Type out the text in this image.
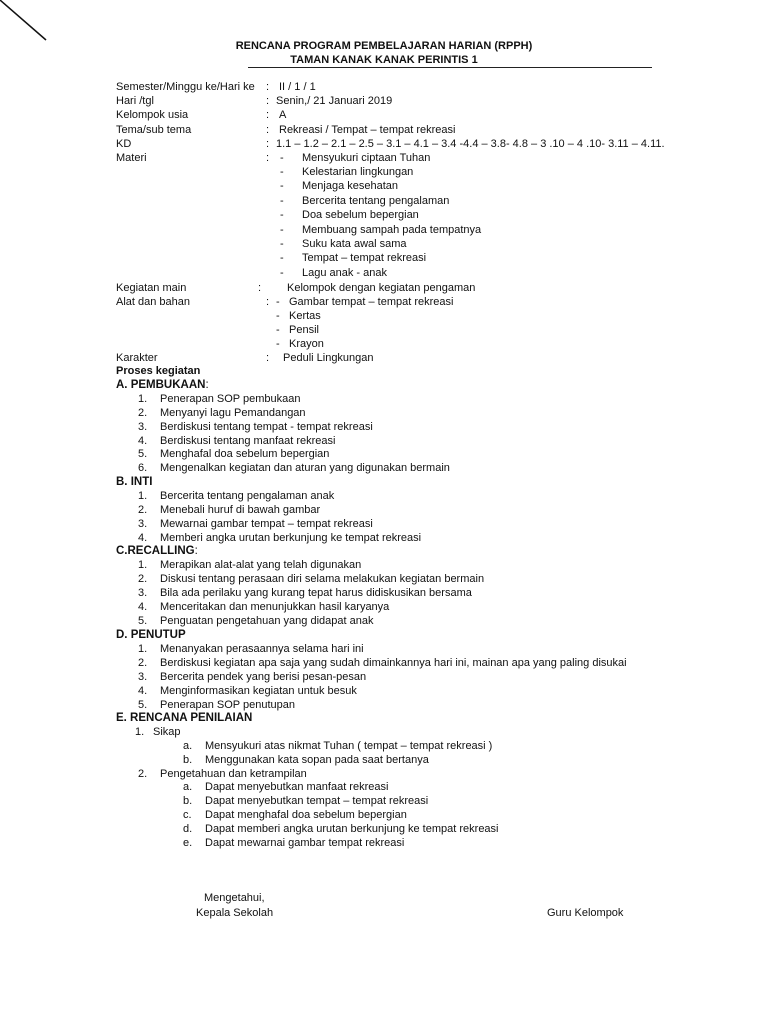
RENCANA PROGRAM PEMBELAJARAN HARIAN (RPPH)
TAMAN KANAK KANAK PERINTIS 1
Semester/Minggu ke/Hari ke : II / 1 / 1
Hari /tgl	: Senin,/ 21 Januari 2019
Kelompok usia	: A
Tema/sub tema	: Rekreasi / Tempat – tempat rekreasi
KD	: 1.1 – 1.2 – 2.1 – 2.5 – 3.1 – 4.1 – 3.4 -4.4 – 3.8- 4.8 – 3 .10 – 4 .10- 3.11 – 4.11.
Materi	: - Mensyukuri ciptaan Tuhan
- Kelestarian lingkungan
- Menjaga kesehatan
- Bercerita tentang pengalaman
- Doa sebelum bepergian
- Membuang sampah pada tempatnya
- Suku kata awal sama
- Tempat – tempat rekreasi
- Lagu anak - anak
Kegiatan main	: Kelompok dengan kegiatan pengaman
Alat dan bahan	: - Gambar tempat – tempat rekreasi
- Kertas
- Pensil
- Krayon
Karakter	: Peduli Lingkungan
Proses kegiatan
A. PEMBUKAAN:
1. Penerapan SOP pembukaan
2. Menyanyi lagu Pemandangan
3. Berdiskusi tentang tempat - tempat rekreasi
4. Berdiskusi tentang manfaat rekreasi
5. Menghafal doa sebelum bepergian
6. Mengenalkan kegiatan dan aturan yang digunakan bermain
B. INTI
1. Bercerita tentang pengalaman anak
2. Menebali huruf di bawah gambar
3. Mewarnai gambar tempat – tempat rekreasi
4. Memberi angka urutan berkunjung ke tempat rekreasi
C.RECALLING:
1. Merapikan alat-alat yang telah digunakan
2. Diskusi tentang perasaan diri selama melakukan kegiatan bermain
3. Bila ada perilaku yang kurang tepat harus didiskusikan bersama
4. Menceritakan dan menunjukkan hasil karyanya
5. Penguatan pengetahuan yang didapat anak
D. PENUTUP
1. Menanyakan perasaannya selama hari ini
2. Berdiskusi kegiatan apa saja yang sudah dimainkannya hari ini, mainan apa yang paling disukai
3. Bercerita pendek yang berisi pesan-pesan
4. Menginformasikan kegiatan untuk besuk
5. Penerapan SOP penutupan
E. RENCANA PENILAIAN
1. Sikap
a. Mensyukuri atas nikmat Tuhan ( tempat – tempat rekreasi )
b. Menggunakan kata sopan pada saat bertanya
2. Pengetahuan dan ketrampilan
a. Dapat menyebutkan manfaat rekreasi
b. Dapat menyebutkan tempat – tempat rekreasi
c. Dapat menghafal doa sebelum bepergian
d. Dapat memberi angka urutan berkunjung ke tempat rekreasi
e. Dapat mewarnai gambar tempat rekreasi
Mengetahui,
Kepala Sekolah	Guru Kelompok
